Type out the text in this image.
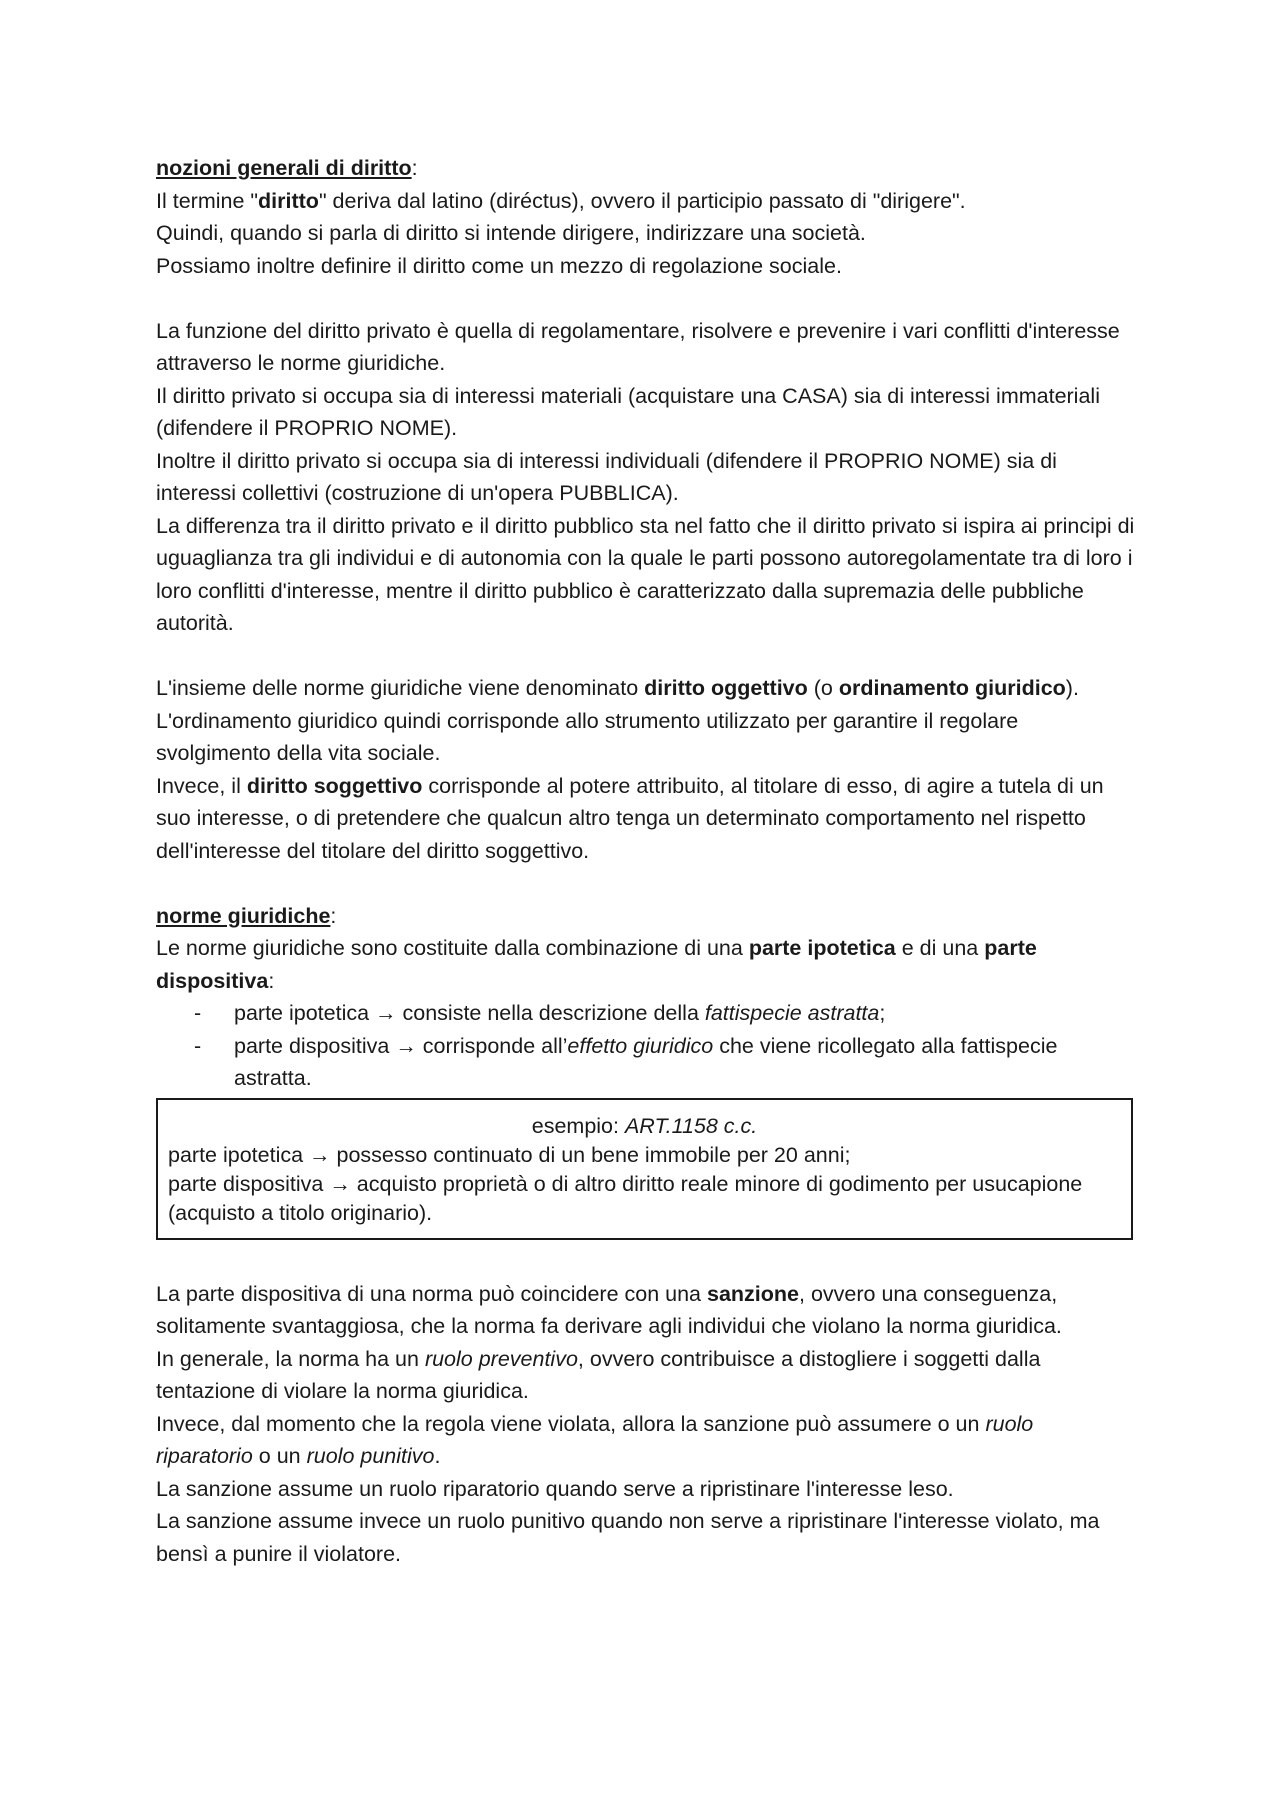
nozioni generali di diritto:

Il termine "diritto" deriva dal latino (diréctus), ovvero il participio passato di "dirigere".

Quindi, quando si parla di diritto si intende dirigere, indirizzare una società.

Possiamo inoltre definire il diritto come un mezzo di regolazione sociale.

La funzione del diritto privato è quella di regolamentare, risolvere e prevenire i vari conflitti d'interesse attraverso le norme giuridiche.

Il diritto privato si occupa sia di interessi materiali (acquistare una CASA) sia di interessi immateriali (difendere il PROPRIO NOME).

Inoltre il diritto privato si occupa sia di interessi individuali (difendere il PROPRIO NOME) sia di interessi collettivi (costruzione di un'opera PUBBLICA).

La differenza tra il diritto privato e il diritto pubblico sta nel fatto che il diritto privato si ispira ai principi di uguaglianza tra gli individui e di autonomia con la quale le parti possono autoregolamentate tra di loro i loro conflitti d'interesse, mentre il diritto pubblico è caratterizzato dalla supremazia delle pubbliche autorità.

L'insieme delle norme giuridiche viene denominato diritto oggettivo (o ordinamento giuridico).

L'ordinamento giuridico quindi corrisponde allo strumento utilizzato per garantire il regolare svolgimento della vita sociale.

Invece, il diritto soggettivo corrisponde al potere attribuito, al titolare di esso, di agire a tutela di un suo interesse, o di pretendere che qualcun altro tenga un determinato comportamento nel rispetto dell'interesse del titolare del diritto soggettivo.

norme giuridiche:

Le norme giuridiche sono costituite dalla combinazione di una parte ipotetica e di una parte dispositiva:

- parte ipotetica → consiste nella descrizione della fattispecie astratta;
- parte dispositiva → corrisponde all’effetto giuridico che viene ricollegato alla fattispecie astratta.

esempio: ART.1158 c.c.

parte ipotetica → possesso continuato di un bene immobile per 20 anni;

parte dispositiva → acquisto proprietà o di altro diritto reale minore di godimento per usucapione (acquisto a titolo originario).

La parte dispositiva di una norma può coincidere con una sanzione, ovvero una conseguenza, solitamente svantaggiosa, che la norma fa derivare agli individui che violano la norma giuridica.

In generale, la norma ha un ruolo preventivo, ovvero contribuisce a distogliere i soggetti dalla tentazione di violare la norma giuridica.

Invece, dal momento che la regola viene violata, allora la sanzione può assumere o un ruolo riparatorio o un ruolo punitivo.

La sanzione assume un ruolo riparatorio quando serve a ripristinare l'interesse leso.

La sanzione assume invece un ruolo punitivo quando non serve a ripristinare l'interesse violato, ma bensì a punire il violatore.
